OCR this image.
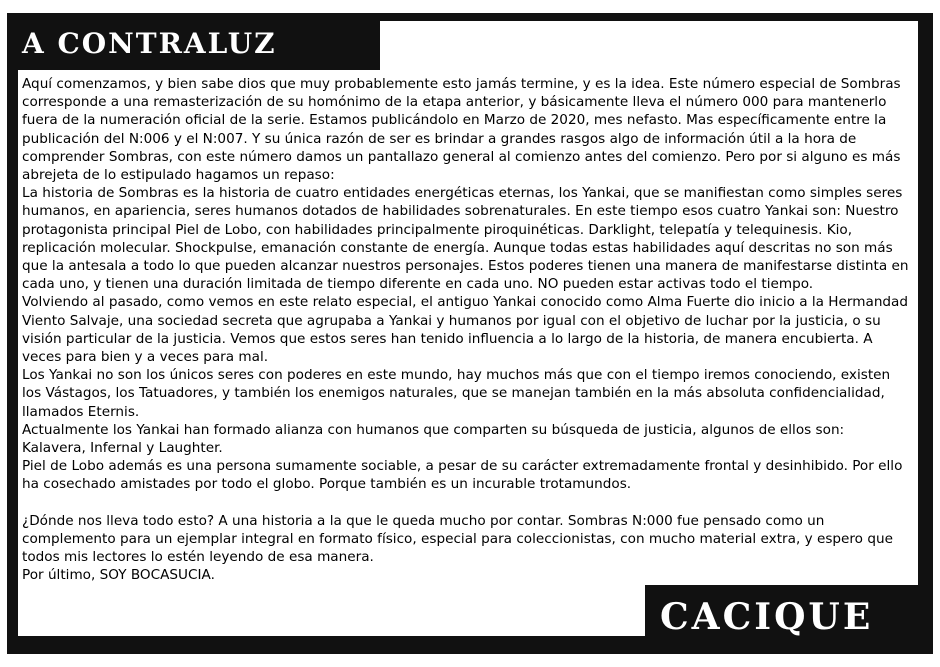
A CONTRALUZ

Aquí comenzamos, y bien sabe dios que muy probablemente esto jamás termine, y es la idea. Este número especial de Sombras corresponde a una remasterización de su homónimo de la etapa anterior, y básicamente lleva el número 000 para mantenerlo fuera de la numeración oficial de la serie. Estamos publicándolo en Marzo de 2020, mes nefasto. Mas específicamente entre la publicación del N:006 y el N:007. Y su única razón de ser es brindar a grandes rasgos algo de información útil a la hora de comprender Sombras, con este número damos un pantallazo general al comienzo antes del comienzo. Pero por si alguno es más abrejeta de lo estipulado hagamos un repaso:

La historia de Sombras es la historia de cuatro entidades energéticas eternas, los Yankai, que se manifiestan como simples seres humanos, en apariencia, seres humanos dotados de habilidades sobrenaturales. En este tiempo esos cuatro Yankai son: Nuestro protagonista principal Piel de Lobo, con habilidades principalmente piroquinéticas. Darklight, telepatía y telequinesis. Kio, replicación molecular. Shockpulse, emanación constante de energía. Aunque todas estas habilidades aquí descritas no son más que la antesala a todo lo que pueden alcanzar nuestros personajes. Estos poderes tienen una manera de manifestarse distinta en cada uno, y tienen una duración limitada de tiempo diferente en cada uno. NO pueden estar activas todo el tiempo.

Volviendo al pasado, como vemos en este relato especial, el antiguo Yankai conocido como Alma Fuerte dio inicio a la Hermandad Viento Salvaje, una sociedad secreta que agrupaba a Yankai y humanos por igual con el objetivo de luchar por la justicia, o su visión particular de la justicia. Vemos que estos seres han tenido influencia a lo largo de la historia, de manera encubierta. A veces para bien y a veces para mal.

Los Yankai no son los únicos seres con poderes en este mundo, hay muchos más que con el tiempo iremos conociendo, existen los Vástagos, los Tatuadores, y también los enemigos naturales, que se manejan también en la más absoluta confidencialidad, llamados Eternis.

Actualmente los Yankai han formado alianza con humanos que comparten su búsqueda de justicia, algunos de ellos son: Kalavera, Infernal y Laughter.

Piel de Lobo además es una persona sumamente sociable, a pesar de su carácter extremadamente frontal y desinhibido. Por ello ha cosechado amistades por todo el globo. Porque también es un incurable trotamundos.

¿Dónde nos lleva todo esto? A una historia a la que le queda mucho por contar. Sombras N:000 fue pensado como un complemento para un ejemplar integral en formato físico, especial para coleccionistas, con mucho material extra, y espero que todos mis lectores lo estén leyendo de esa manera.

Por último, SOY BOCASUCIA.

CACIQUE
